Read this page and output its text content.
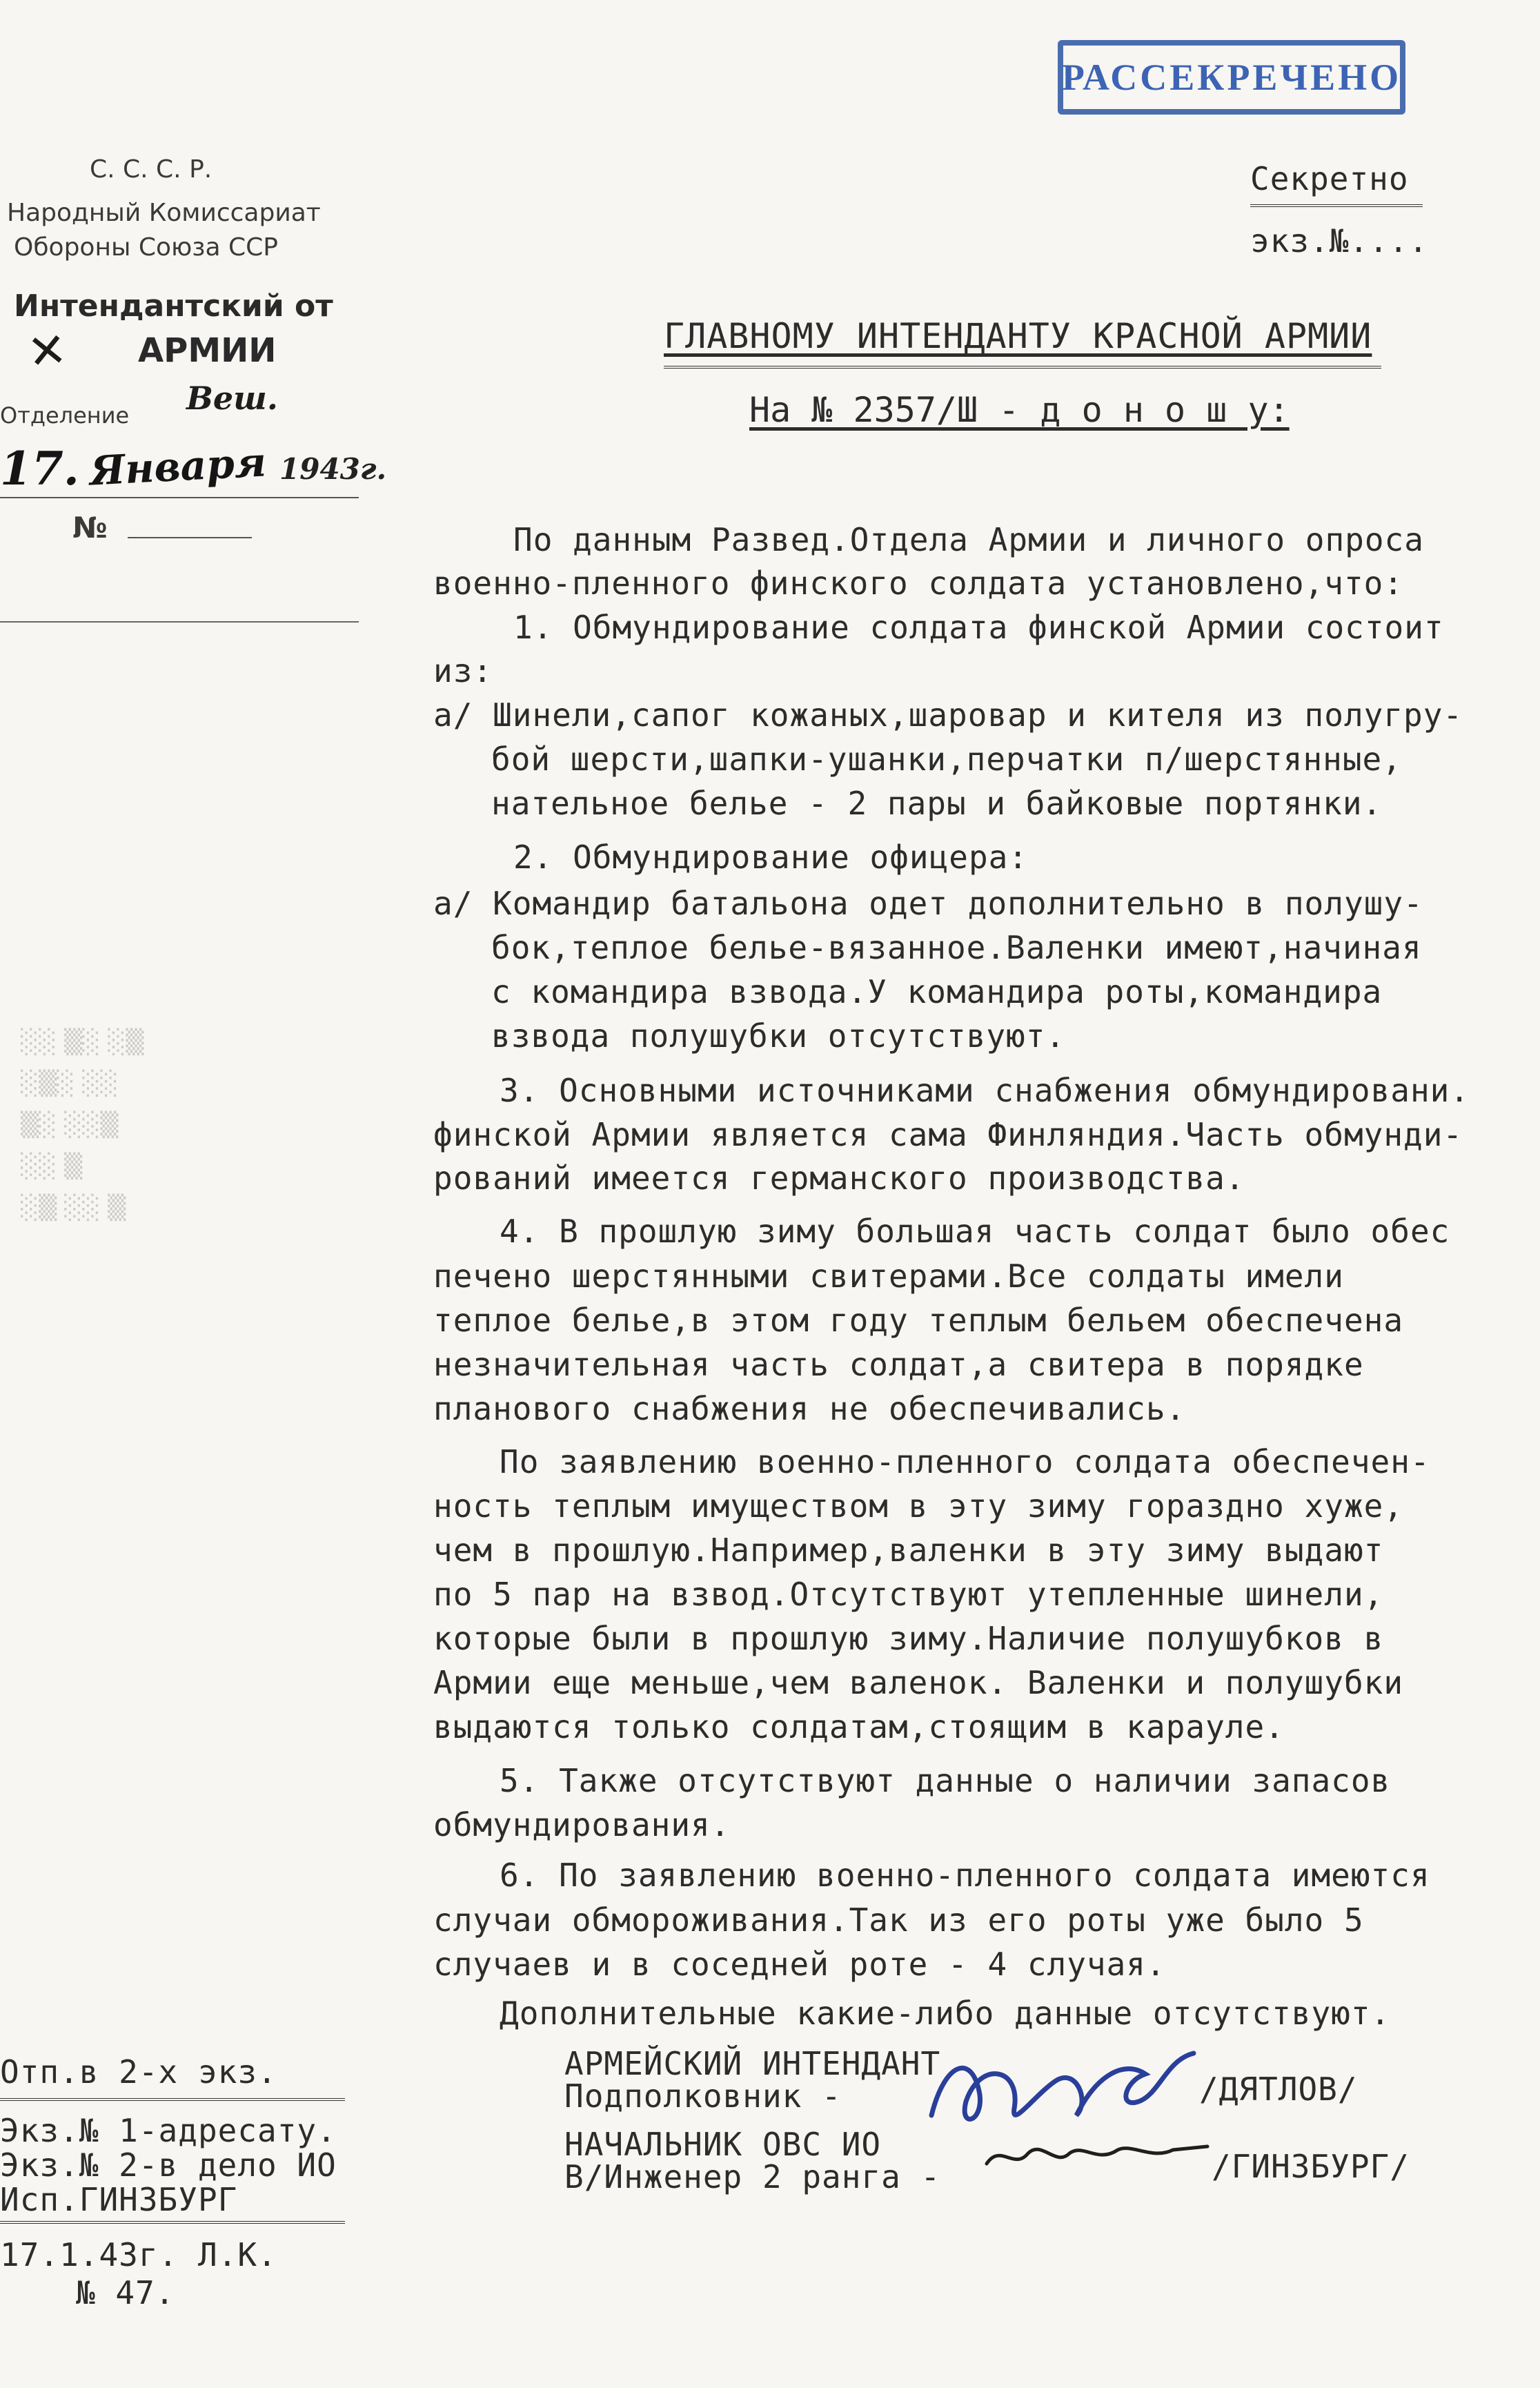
РАССЕКРЕЧЕНО
Секретно
экз.№....
С. С. С. Р.
Народный Комиссариат
Обороны Союза ССР
Интендантский от
✕ АРМИИ
Веш.
Отделение
17. Января 1943г.
№
░░ ▒░ ░▒
░▒░ ░░
▒░ ░░▒
░░ ▒
░▒ ░░ ▒
ГЛАВНОМУ ИНТЕНДАНТУ КРАСНОЙ АРМИИ
На № 2357/Ш - д о н о ш у:
По данным Развед.Отдела Армии и личного опроса
военно-пленного финского солдата установлено,что:
1. Обмундирование солдата финской Армии состоит
из:
а/ Шинели,сапог кожаных,шаровар и кителя из полугру-
бой шерсти,шапки-ушанки,перчатки п/шерстянные,
нательное белье - 2 пары и байковые портянки.
2. Обмундирование офицера:
а/ Командир батальона одет дополнительно в полушу-
бок,теплое белье-вязанное.Валенки имеют,начиная
с командира взвода.У командира роты,командира
взвода полушубки отсутствуют.
3. Основными источниками снабжения обмундировани.
финской Армии является сама Финляндия.Часть обмунди-
рований имеется германского производства.
4. В прошлую зиму большая часть солдат было обес
печено шерстянными свитерами.Все солдаты имели
теплое белье,в этом году теплым бельем обеспечена
незначительная часть солдат,а свитера в порядке
планового снабжения не обеспечивались.
По заявлению военно-пленного солдата обеспечен-
ность теплым имуществом в эту зиму гораздно хуже,
чем в прошлую.Например,валенки в эту зиму выдают
по 5 пар на взвод.Отсутствуют утепленные шинели,
которые были в прошлую зиму.Наличие полушубков в
Армии еще меньше,чем валенок. Валенки и полушубки
выдаются только солдатам,стоящим в карауле.
5. Также отсутствуют данные о наличии запасов
обмундирования.
6. По заявлению военно-пленного солдата имеются
случаи обмороживания.Так из его роты уже было 5
случаев и в соседней роте - 4 случая.
Дополнительные какие-либо данные отсутствуют.
АРМЕЙСКИЙ ИНТЕНДАНТ
Подполковник -	/ДЯТЛОВ/
НАЧАЛЬНИК ОВС ИО
В/Инженер 2 ранга -	/ГИНЗБУРГ/
Отп.в 2-х экз.
Экз.№ 1-адресату.
Экз.№ 2-в дело ИО
Исп.ГИНЗБУРГ
17.1.43г. Л.К.
№ 47.
